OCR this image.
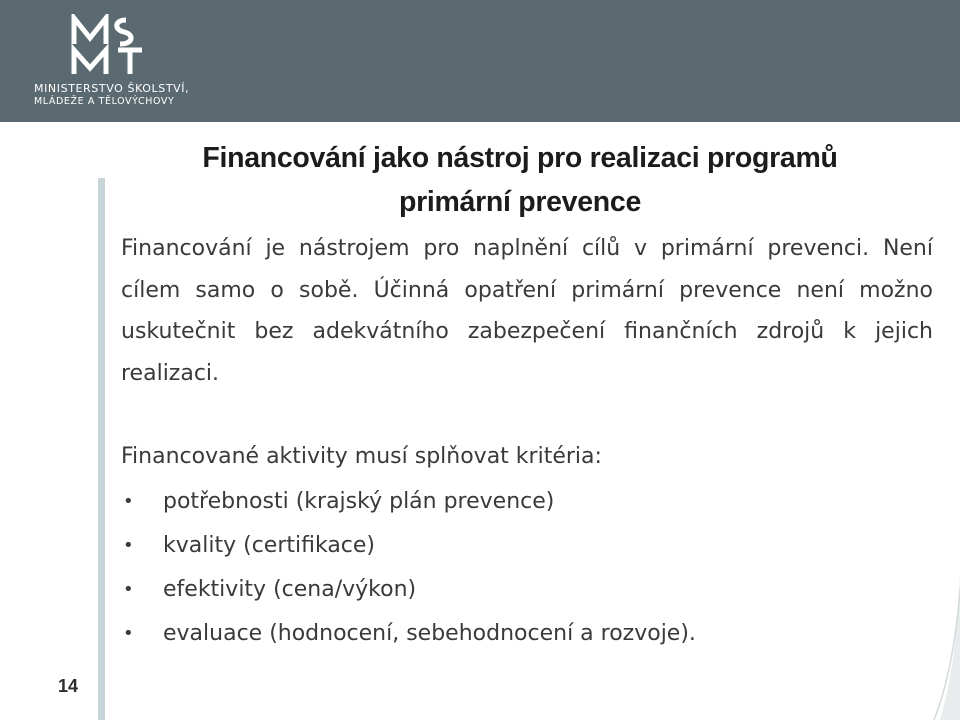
MINISTERSTVO ŠKOLSTVÍ,
MLÁDEŽE A TĚLOVÝCHOVY
Financování jako nástroj pro realizaci programů
primární prevence

Financování je nástrojem pro naplnění cílů v primární prevenci. Není cílem samo o sobě. Účinná opatření primární prevence není možno uskutečnit bez adekvátního zabezpečení finančních zdrojů k jejich realizaci.

Financované aktivity musí splňovat kritéria:

• potřebnosti (krajský plán prevence)
• kvality (certifikace)
• efektivity (cena/výkon)
• evaluace (hodnocení, sebehodnocení a rozvoje).
14
